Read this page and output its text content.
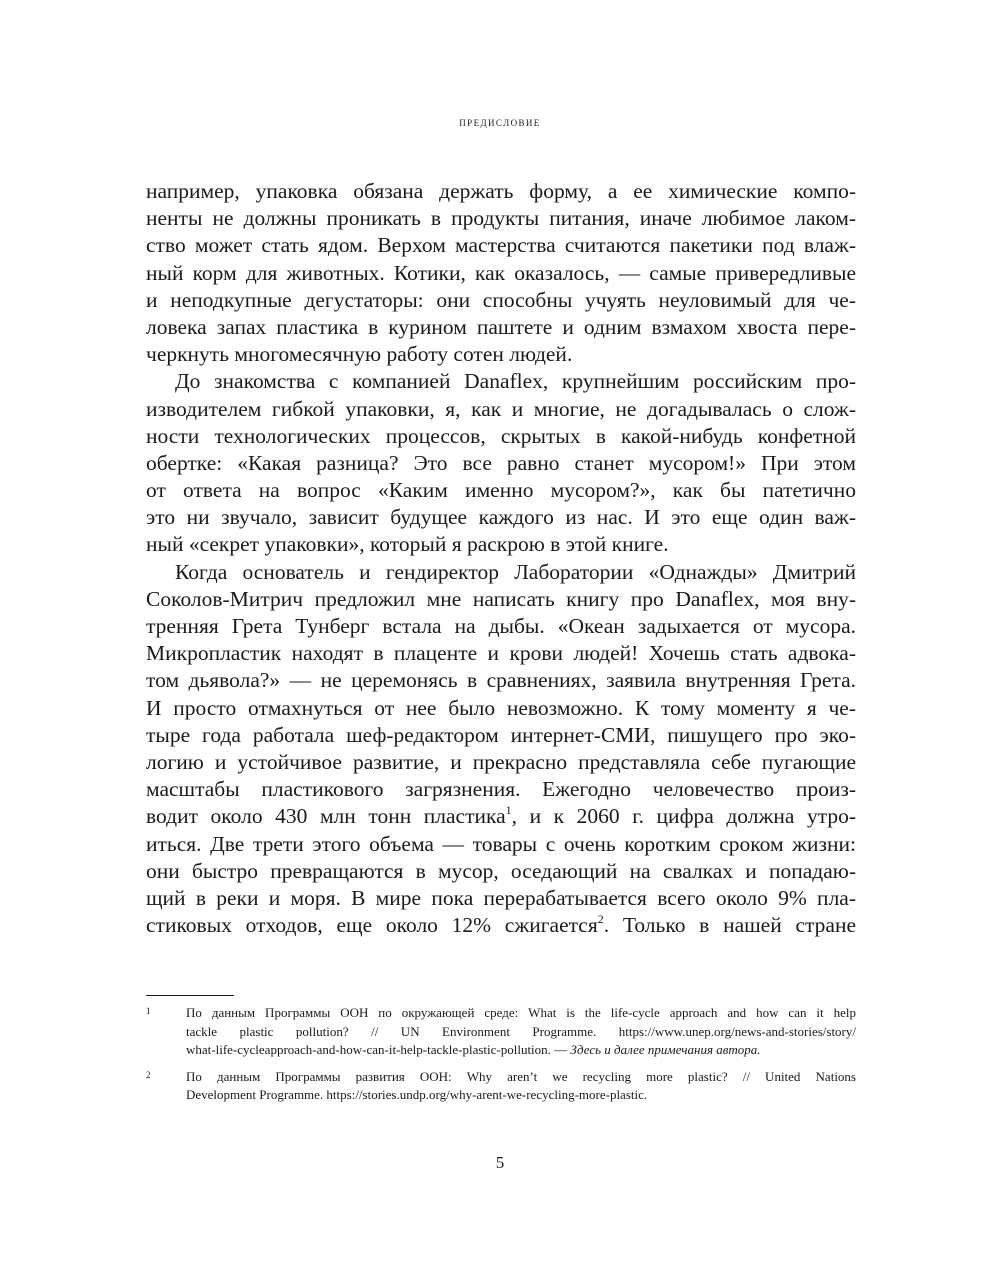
предисловие
например, упаковка обязана держать форму, а ее химические компо-
ненты не должны проникать в продукты питания, иначе любимое лаком-
ство может стать ядом. Верхом мастерства считаются пакетики под влаж-
ный корм для животных. Котики, как оказалось, — самые привередливые
и неподкупные дегустаторы: они способны учуять неуловимый для че-
ловека запах пластика в курином паштете и одним взмахом хвоста пере-
черкнуть многомесячную работу сотен людей.
До знакомства с компанией Danaflex, крупнейшим российским про-
изводителем гибкой упаковки, я, как и многие, не догадывалась о слож-
ности технологических процессов, скрытых в какой-нибудь конфетной
обертке: «Какая разница? Это все равно станет мусором!» При этом
от ответа на вопрос «Каким именно мусором?», как бы патетично
это ни звучало, зависит будущее каждого из нас. И это еще один важ-
ный «секрет упаковки», который я раскрою в этой книге.
Когда основатель и гендиректор Лаборатории «Однажды» Дмитрий
Соколов-Митрич предложил мне написать книгу про Danaflex, моя вну-
тренняя Грета Тунберг встала на дыбы. «Океан задыхается от мусора.
Микропластик находят в плаценте и крови людей! Хочешь стать адвока-
том дьявола?» — не церемонясь в сравнениях, заявила внутренняя Грета.
И просто отмахнуться от нее было невозможно. К тому моменту я че-
тыре года работала шеф-редактором интернет-СМИ, пишущего про эко-
логию и устойчивое развитие, и прекрасно представляла себе пугающие
масштабы пластикового загрязнения. Ежегодно человечество произ-
водит около 430 млн тонн пластика$^1$, и к 2060 г. цифра должна утро-
иться. Две трети этого объема — товары с очень коротким сроком жизни:
они быстро превращаются в мусор, оседающий на свалках и попадаю-
щий в реки и моря. В мире пока перерабатывается всего около 9% пла-
стиковых отходов, еще около 12% сжигается$^2$. Только в нашей стране
1	По данным Программы ООН по окружающей среде: What is the life-cycle approach and how can it help
tackle plastic pollution? // UN Environment Programme. https://www.unep.org/news-and-stories/story/
what-life-cycleapproach-and-how-can-it-help-tackle-plastic-pollution. — Здесь и далее примечания автора.
2	По данным Программы развития ООН: Why aren’t we recycling more plastic? // United Nations
Development Programme. https://stories.undp.org/why-arent-we-recycling-more-plastic.
5
